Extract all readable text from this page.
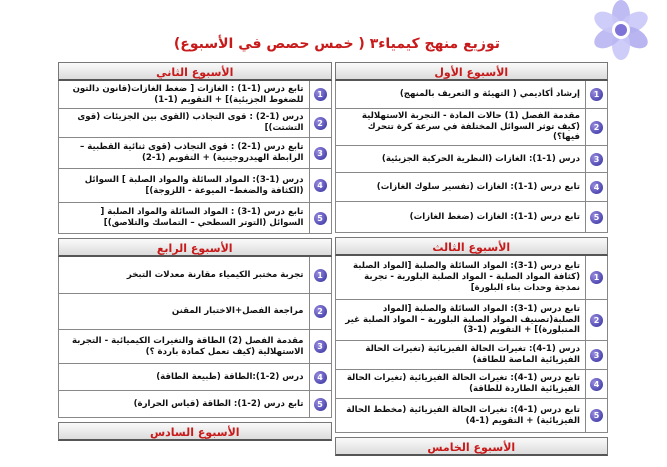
توزيع منهج كيمياء٣ ( خمس حصص في الأسبوع)
الأسبوع الأول
1
إرشاد أكاديمي ( التهيئة و التعريف بالمنهج)
2
مقدمة الفصل (1) حالات المادة - التجربة الاستهلالية (كيف توثر السوائل المختلفة في سرعة كرة تتحرك فيها؟)
3
درس (1-1): الغازات (النظرية الحركية الجزيئية)
4
تابع درس (1-1): الغازات (تفسير سلوك الغازات)
5
تابع درس (1-1): الغازات (ضغط الغازات)
الأسبوع الثالث
1
تابع درس (1-3): المواد السائلة والصلبة [المواد الصلبة (كثافة المواد الصلبة - المواد الصلبة البلورية - تجربة نمذجة وحدات بناء البلورة]
2
تابع درس (1-3): المواد السائلة والصلبة [المواد الصلبة(تصنيف المواد الصلبة البلورية – المواد الصلبة غير المتبلورة)] + التقويم (1-3)
3
درس (1-4): تغيرات الحالة الفيزيائية (تغيرات الحالة الفيزيائية الماصة للطاقة)
4
تابع درس (1-4): تغيرات الحالة الفيزيائية (تغيرات الحالة الفيزيائية الطاردة للطاقة)
5
تابع درس (1-4): تغيرات الحالة الفيزيائية (مخطط الحالة الفيزيائية) + التقويم (1-4)
الأسبوع الخامس
الأسبوع الثاني
1
تابع درس (1-1) : الغازات [ ضغط الغازات(قانون دالتون للضغوط الجزيئية)] + التقويم (1-1)
2
درس (1-2) : قوى التجاذب (القوى بين الجزيئات (قوى التشتت)]
3
تابع درس (1-2) : قوى التجاذب (قوى ثنائية القطبية – الرابطة الهيدروجينية) + التقويم (1-2)
4
درس (1-3): المواد السائلة والمواد الصلبة ] السوائل (الكثافة والضغط– الميوعة - اللزوجة)]
5
تابع درس (1-3) : المواد السائلة والمواد الصلبة [ السوائل (التوتر السطحي – التماسك والتلاصق)]
الأسبوع الرابع
1
تجربة مختبر الكيمياء مقارنة معدلات التبخر
2
مراجعة الفصل+الاختبار المقنن
3
مقدمة الفصل (2) الطاقة والتغيرات الكيميائية - التجربة الاستهلالية (كيف تعمل كمادة باردة ؟)
4
درس (2-1):الطاقة (طبيعة الطاقة)
5
تابع درس (2-1): الطاقة (قياس الحرارة)
الأسبوع السادس
